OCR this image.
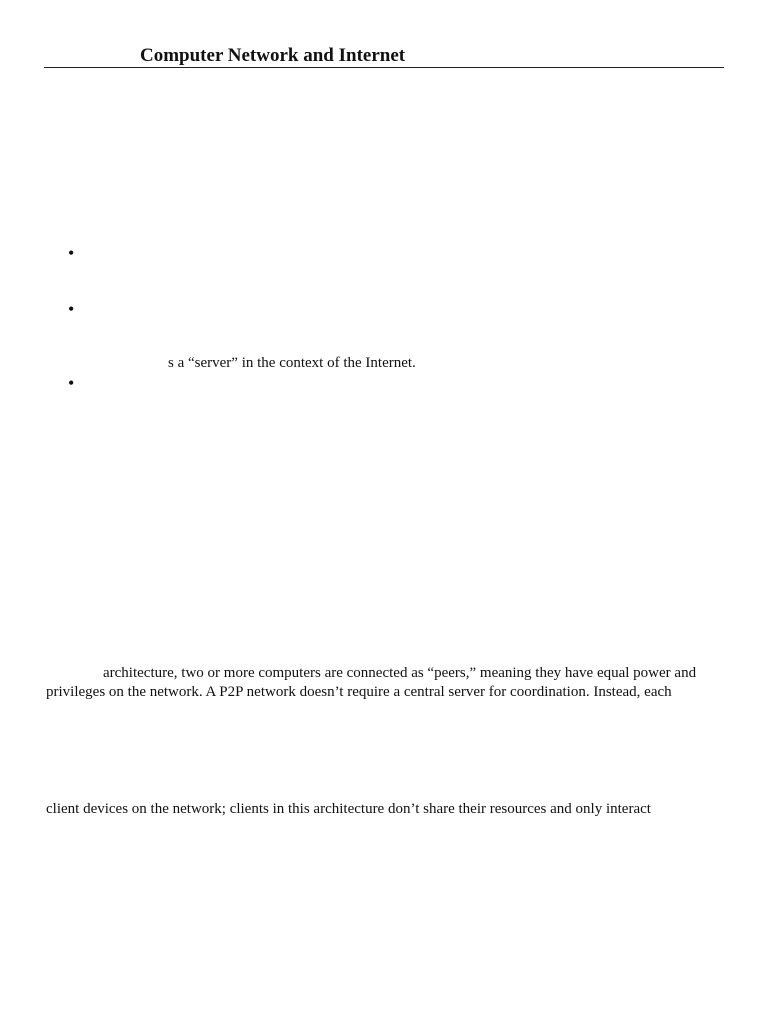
Computer Network and Internet
•
•
s a “server” in the context of the Internet.
•
architecture, two or more computers are connected as “peers,” meaning they have equal power and
privileges on the network. A P2P network doesn’t require a central server for coordination. Instead, each
client devices on the network; clients in this architecture don’t share their resources and only interact
